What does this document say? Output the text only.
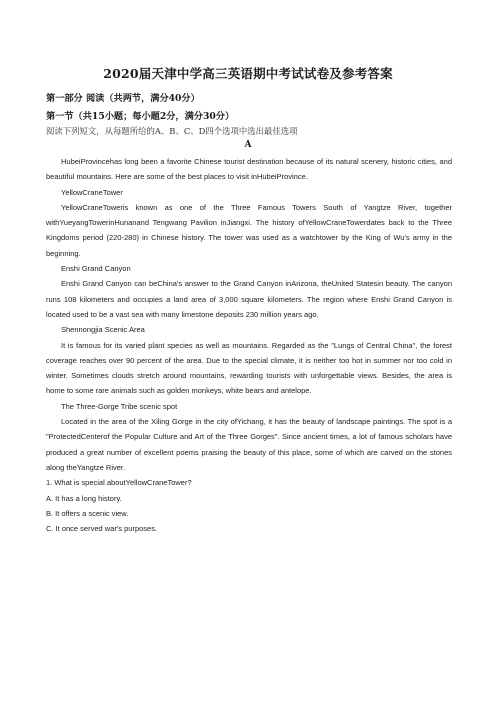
2020届天津中学高三英语期中考试试卷及参考答案
第一部分 阅读（共两节，满分40分）
第一节（共15小题；每小题2分，满分30分）
阅读下列短文，从每题所给的A、B、C、D四个选项中选出最佳选项
A

HubeiProvincehas long been a favorite Chinese tourist destination because of its natural scenery, historic cities, and beautiful mountains. Here are some of the best places to visit inHubeiProvince.

YellowCraneTower

YellowCraneToweris known as one of the Three Famous Towers South of Yangtze River, together withYueyangTowerinHunanand Tengwang Pavilion inJiangxi. The history ofYellowCraneTowerdates back to the Three Kingdoms period (220-280) in Chinese history. The tower was used as a watchtower by the King of Wu's army in the beginning.

Enshi Grand Canyon

Enshi Grand Canyon can beChina's answer to the Grand Canyon inArizona, theUnited Statesin beauty. The canyon runs 108 kilometers and occupies a land area of 3,000 square kilometers. The region where Enshi Grand Canyon is located used to be a vast sea with many limestone deposits 230 million years ago.

Shennongjia Scenic Area

It is famous for its varied plant species as well as mountains. Regarded as the "Lungs of Central China", the forest coverage reaches over 90 percent of the area. Due to the special climate, it is neither too hot in summer nor too cold in winter. Sometimes clouds stretch around mountains, rewarding tourists with unforgettable views. Besides, the area is home to some rare animals such as golden monkeys, white bears and antelope.

The Three-Gorge Tribe scenic spot

Located in the area of the Xiling Gorge in the city ofYichang, it has the beauty of landscape paintings. The spot is a "ProtectedCenterof the Popular Culture and Art of the Three Gorges". Since ancient times, a lot of famous scholars have produced a great number of excellent poems praising the beauty of this place, some of which are carved on the stones along theYangtze River.

1. What is special aboutYellowCraneTower?

A. It has a long history.

B. It offers a scenic view.

C. It once served war's purposes.
